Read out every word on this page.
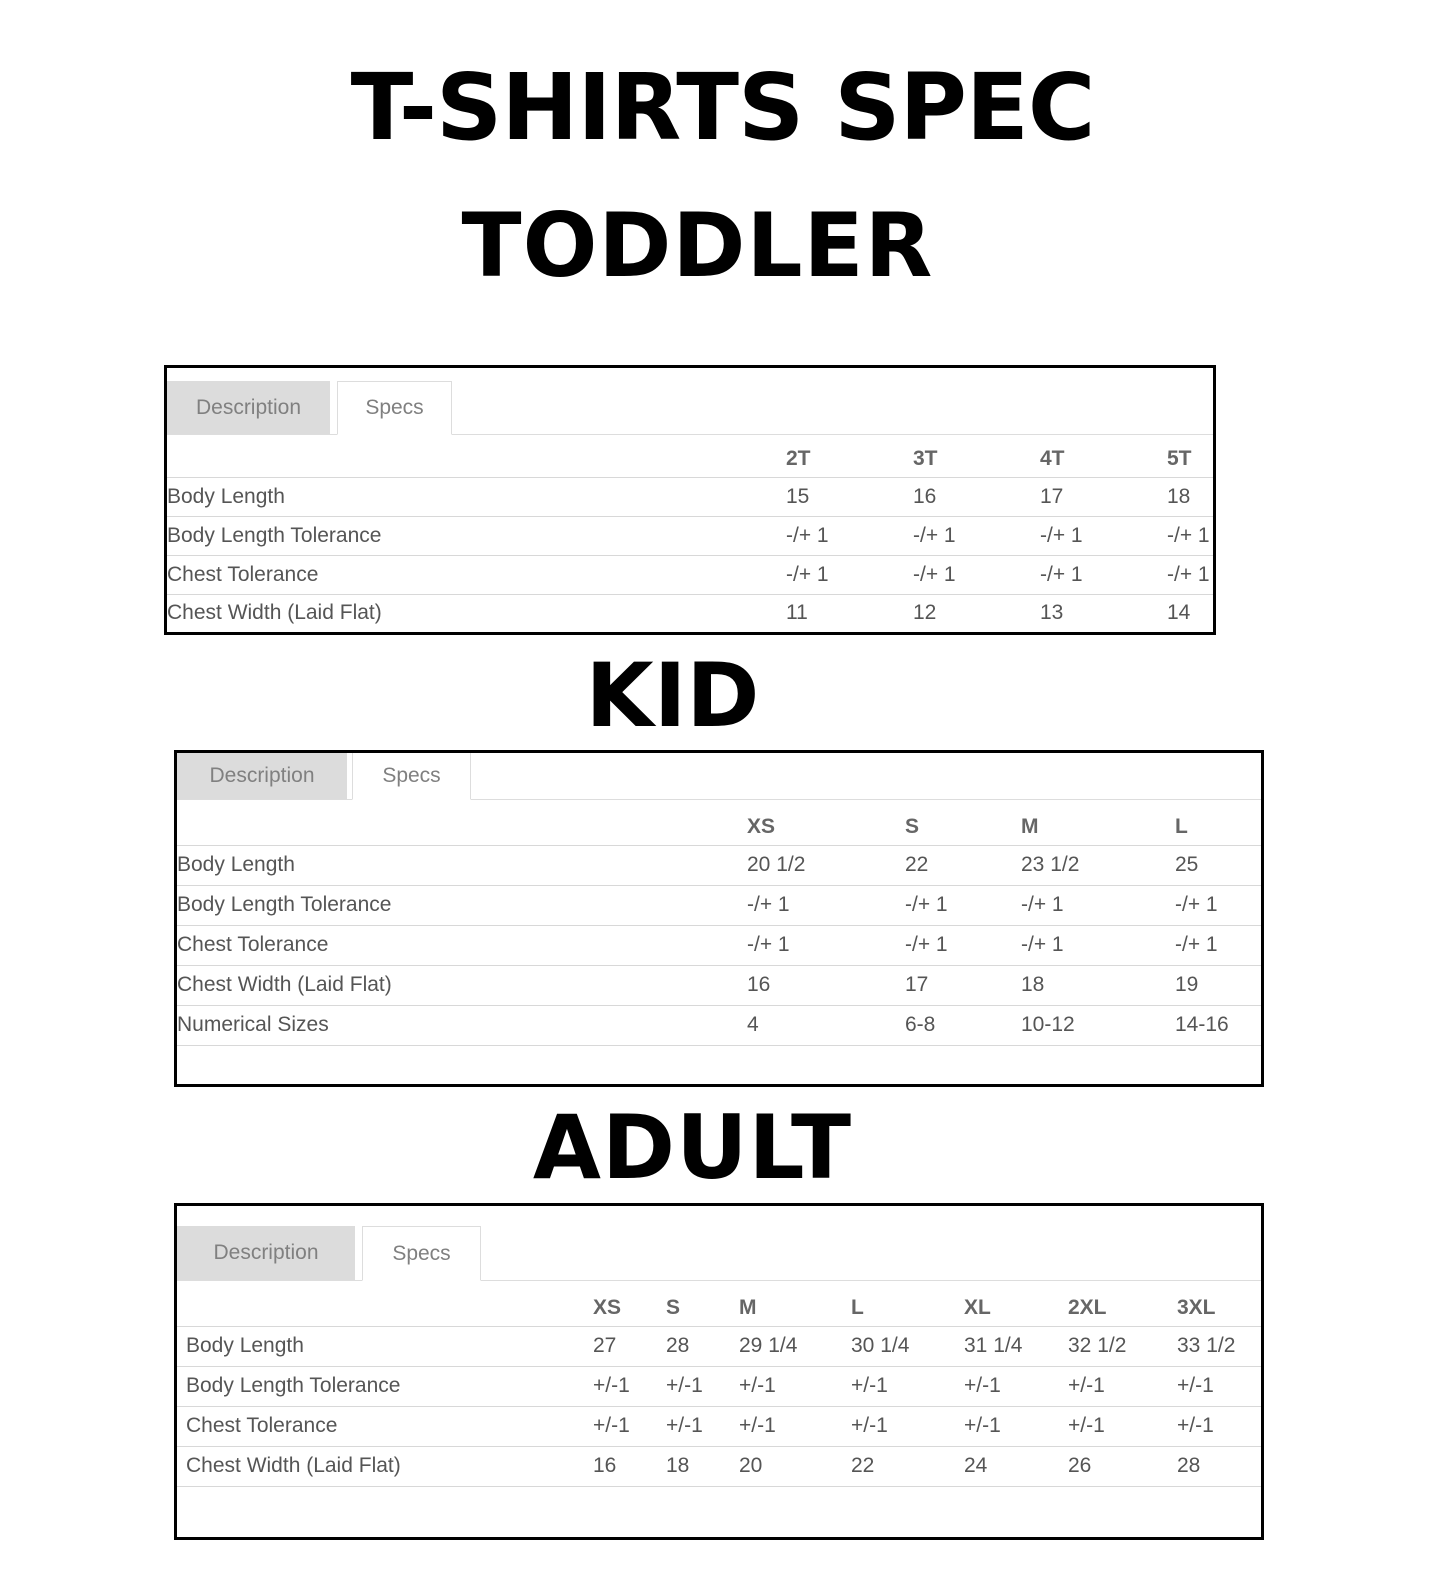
T-SHIRTS SPEC
TODDLER
KID
ADULT
Description	Specs
	2T	3T	4T	5T
Body Length	15	16	17	18
Body Length Tolerance	-/+ 1	-/+ 1	-/+ 1	-/+ 1
Chest Tolerance	-/+ 1	-/+ 1	-/+ 1	-/+ 1
Chest Width (Laid Flat)	11	12	13	14
Description	Specs
	XS	S	M	L
Body Length	20 1/2	22	23 1/2	25
Body Length Tolerance	-/+ 1	-/+ 1	-/+ 1	-/+ 1
Chest Tolerance	-/+ 1	-/+ 1	-/+ 1	-/+ 1
Chest Width (Laid Flat)	16	17	18	19
Numerical Sizes	4	6-8	10-12	14-16
Description	Specs
	XS	S	M	L	XL	2XL	3XL
Body Length	27	28	29 1/4	30 1/4	31 1/4	32 1/2	33 1/2
Body Length Tolerance	+/-1	+/-1	+/-1	+/-1	+/-1	+/-1	+/-1
Chest Tolerance	+/-1	+/-1	+/-1	+/-1	+/-1	+/-1	+/-1
Chest Width (Laid Flat)	16	18	20	22	24	26	28
